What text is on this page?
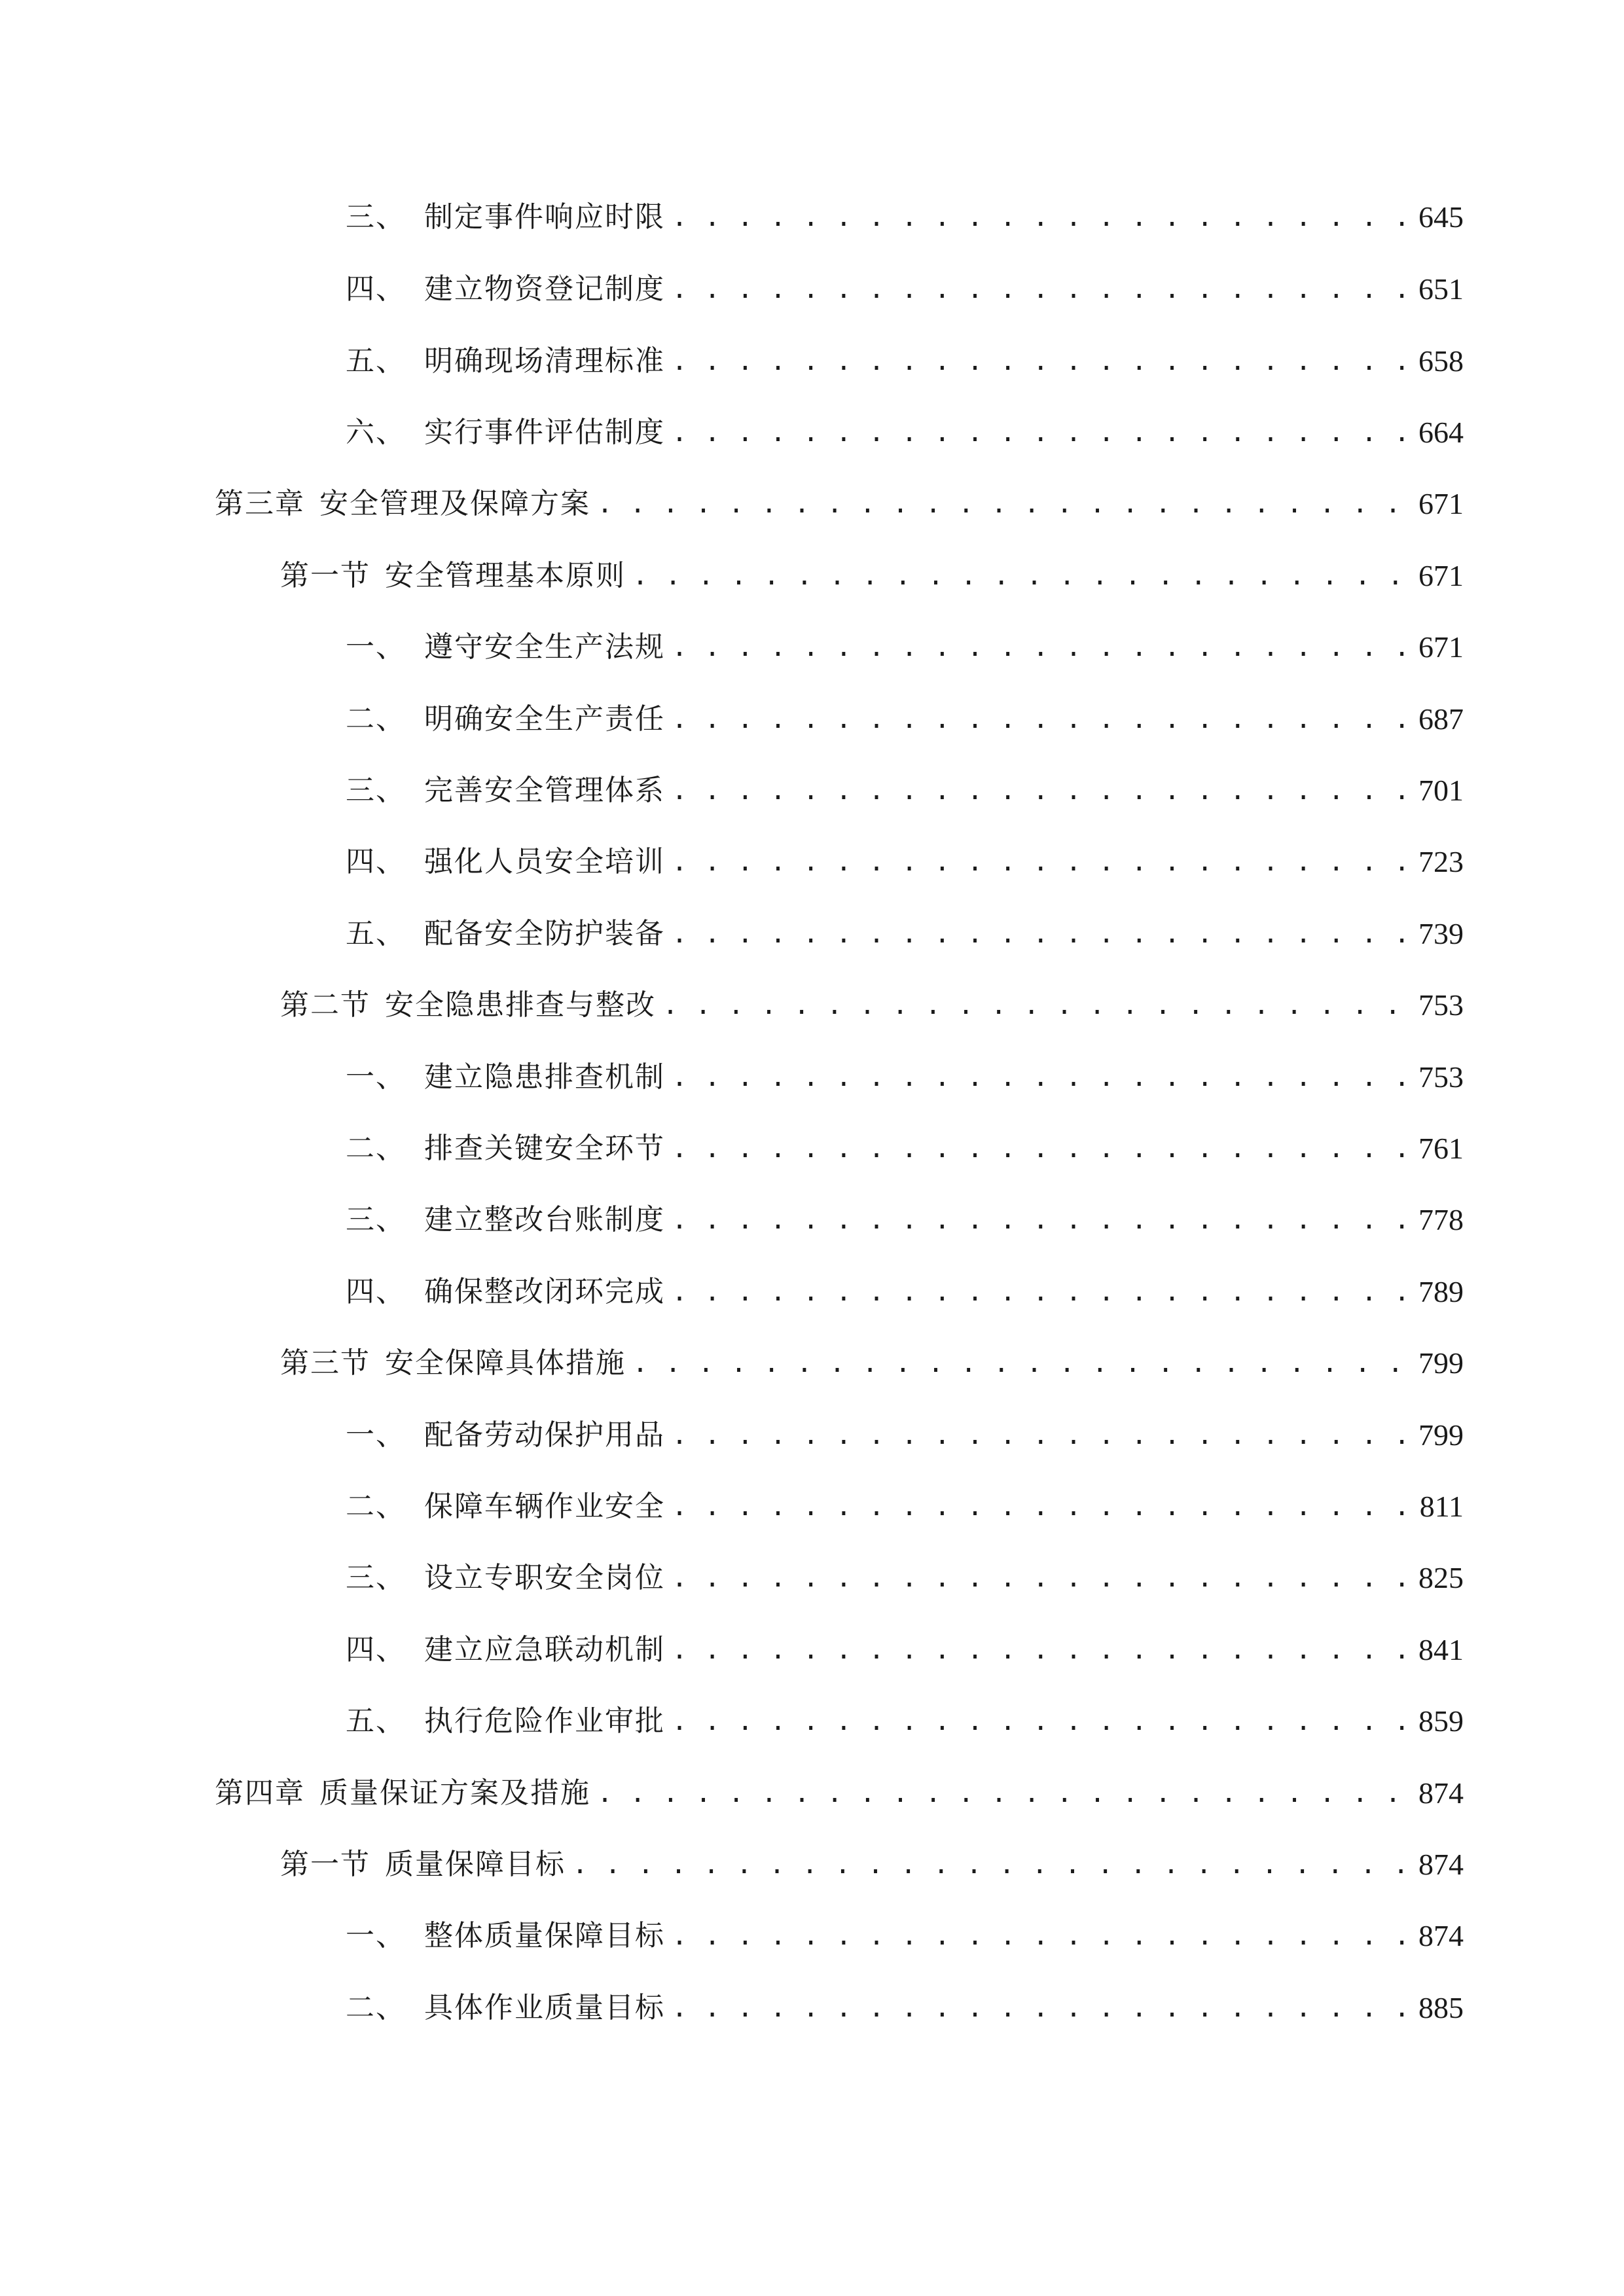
三、 制定事件响应时限 . . .	645
四、 建立物资登记制度 . . .	651
五、 明确现场清理标准 . . .	658
六、 实行事件评估制度 . . .	664
第三章 安全管理及保障方案 . . .	671
第一节 安全管理基本原则 . . .	671
一、 遵守安全生产法规 . . .	671
二、 明确安全生产责任 . . .	687
三、 完善安全管理体系 . . .	701
四、 强化人员安全培训 . . .	723
五、 配备安全防护装备 . . .	739
第二节 安全隐患排查与整改 . . .	753
一、 建立隐患排查机制 . . .	753
二、 排查关键安全环节 . . .	761
三、 建立整改台账制度 . . .	778
四、 确保整改闭环完成 . . .	789
第三节 安全保障具体措施 . . .	799
一、 配备劳动保护用品 . . .	799
二、 保障车辆作业安全 . . .	811
三、 设立专职安全岗位 . . .	825
四、 建立应急联动机制 . . .	841
五、 执行危险作业审批 . . .	859
第四章 质量保证方案及措施 . . .	874
第一节 质量保障目标 . . .	874
一、 整体质量保障目标 . . .	874
二、 具体作业质量目标 . . .	885
